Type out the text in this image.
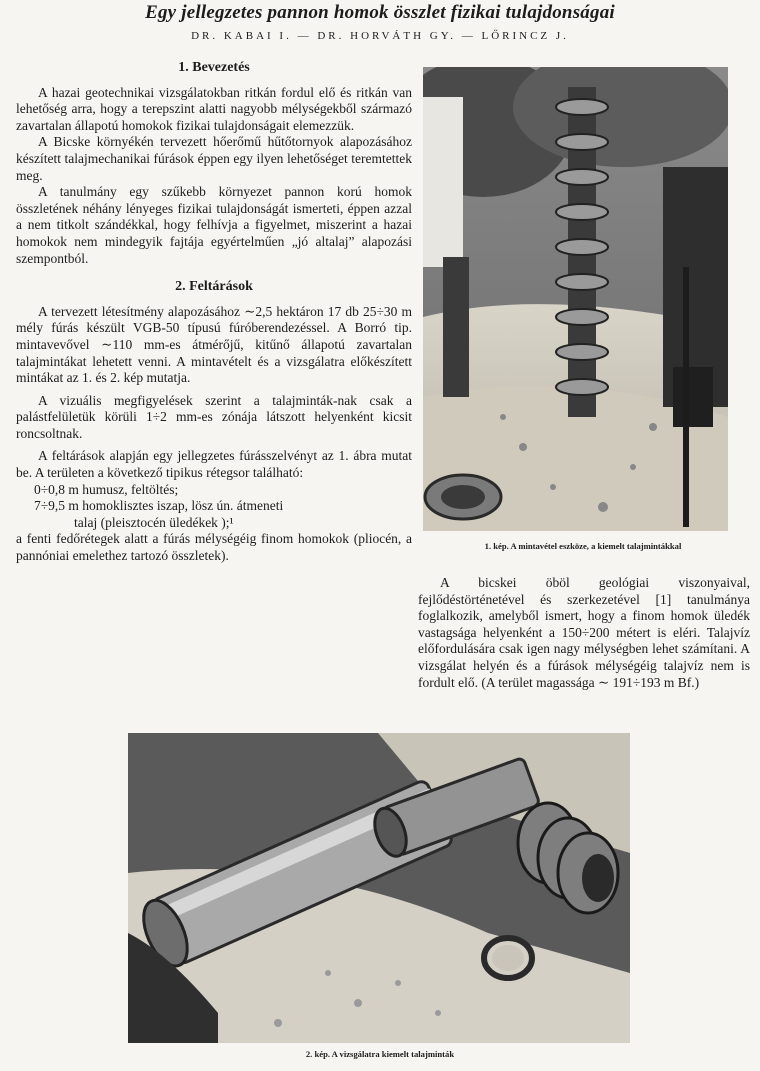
Egy jellegzetes pannon homok összlet fizikai tulajdonságai
DR. KABAI I. — DR. HORVÁTH GY. — LŐRINCZ J.
1. Bevezetés

A hazai geotechnikai vizsgálatokban ritkán fordul elő és ritkán van lehetőség arra, hogy a terepszint alatti nagyobb mélységekből származó zavartalan állapotú homokok fizikai tulajdonságait elemezzük.

A Bicske környékén tervezett hőerőmű hűtőtornyok alapozásához készített talajmechanikai fúrások éppen egy ilyen lehetőséget teremtettek meg.

A tanulmány egy szűkebb környezet pannon korú homok összletének néhány lényeges fizikai tulajdonságát ismerteti, éppen azzal a nem titkolt szándékkal, hogy felhívja a figyelmet, miszerint a hazai homokok nem mindegyik fajtája egyértelműen „jó altalaj” alapozási szempontból.

2. Feltárások

A tervezett létesítmény alapozásához ∼2,5 hektáron 17 db 25÷30 m mély fúrás készült VGB-50 típusú fúróberendezéssel. A Borró tip. mintavevővel ∼110 mm-es átmérőjű, kitűnő állapotú zavartalan talajmintákat lehetett venni. A mintavételt és a vizsgálatra előkészített mintákat az 1. és 2. kép mutatja.

A vizuális megfigyelések szerint a talajminták-nak csak a palástfelületük körüli 1÷2 mm-es zónája látszott helyenként kicsit roncsoltnak.

A feltárások alapján egy jellegzetes fúrásszelvényt az 1. ábra mutat be. A területen a következő tipikus rétegsor található:

0÷0,8 m humusz, feltöltés;

7÷9,5 m homoklisztes iszap, lösz ún. átmeneti

talaj (pleisztocén üledékek );¹

a fenti fedőrétegek alatt a fúrás mélységéig finom homokok (pliocén, a pannóniai emelethez tartozó összletek).

1. kép. A mintavétel eszköze, a kiemelt talajmintákkal

A bicskei öböl geológiai viszonyaival, fejlődéstörténetével és szerkezetével [1] tanulmánya foglalkozik, amelyből ismert, hogy a finom homok üledék vastagsága helyenként a 150÷200 métert is eléri. Talajvíz előfordulására csak igen nagy mélységben lehet számítani. A vizsgálat helyén és a fúrások mélységéig talajvíz nem is fordult elő. (A terület magassága ∼ 191÷193 m Bf.)

2. kép. A vizsgálatra kiemelt talajminták
